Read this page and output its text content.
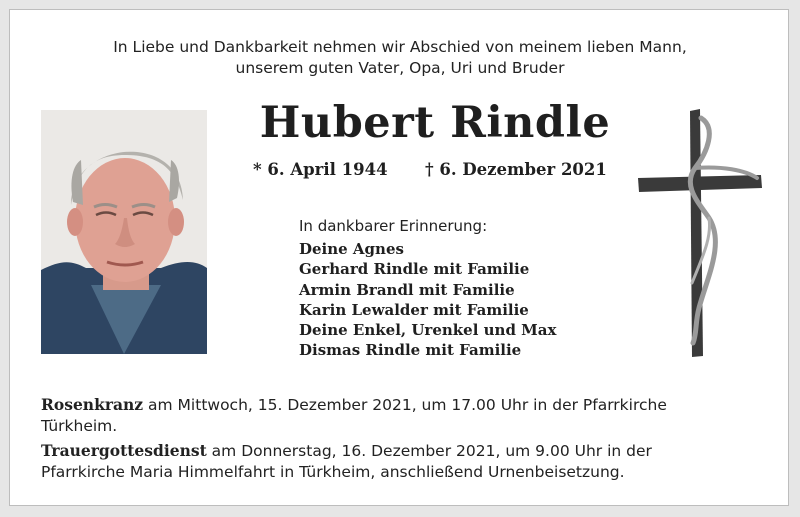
In Liebe und Dankbarkeit nehmen wir Abschied von meinem lieben Mann,
unserem guten Vater, Opa, Uri und Bruder
Hubert Rindle
* 6. April 1944 † 6. Dezember 2021
In dankbarer Erinnerung:
Deine Agnes
Gerhard Rindle mit Familie
Armin Brandl mit Familie
Karin Lewalder mit Familie
Deine Enkel, Urenkel und Max
Dismas Rindle mit Familie
Rosenkranz am Mittwoch, 15. Dezember 2021, um 17.00 Uhr in der Pfarrkirche
Türkheim.
Trauergottesdienst am Donnerstag, 16. Dezember 2021, um 9.00 Uhr in der
Pfarrkirche Maria Himmelfahrt in Türkheim, anschließend Urnenbeisetzung.
